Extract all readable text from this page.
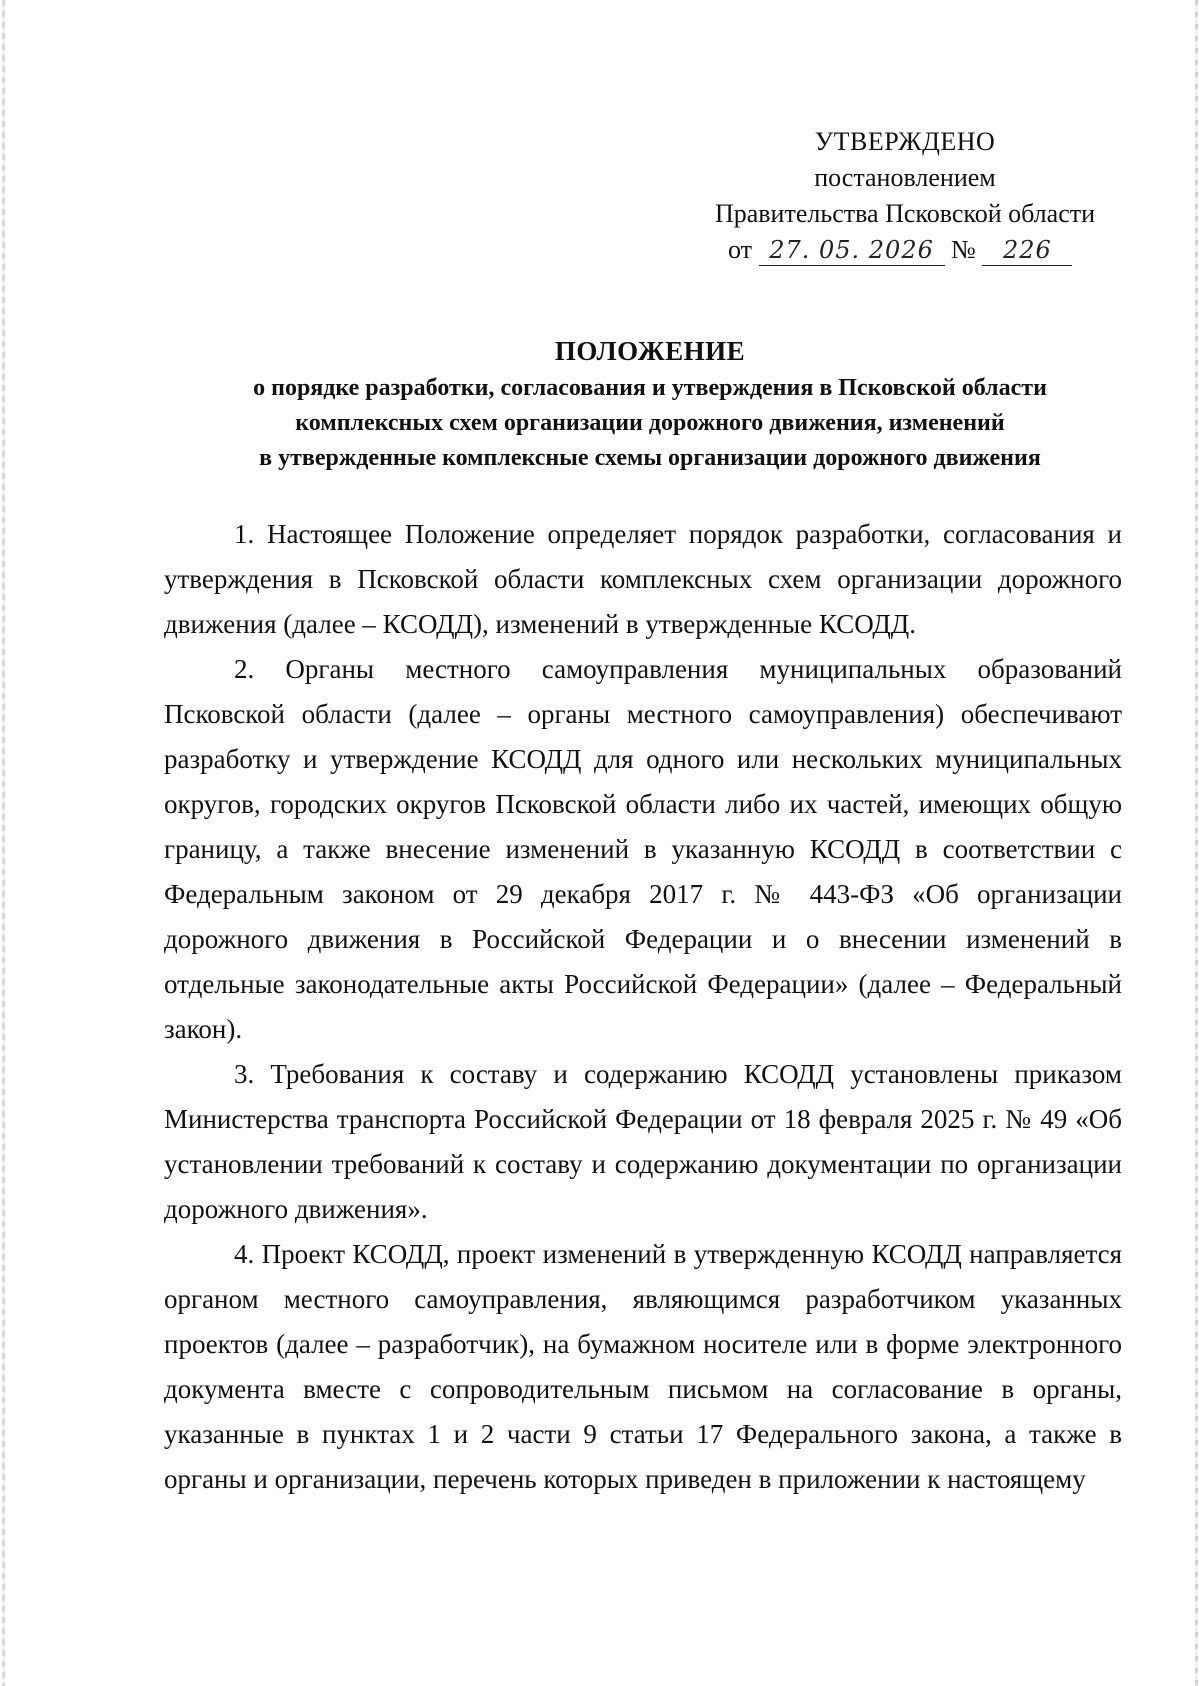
УТВЕРЖДЕНО
постановлением
Правительства Псковской области
от 27. 05. 2026 № 226
ПОЛОЖЕНИЕ
о порядке разработки, согласования и утверждения в Псковской области
комплексных схем организации дорожного движения, изменений
в утвержденные комплексные схемы организации дорожного движения

1. Настоящее Положение определяет порядок разработки, согласования и утверждения в Псковской области комплексных схем организации дорожного движения (далее – КСОДД), изменений в утвержденные КСОДД.

2. Органы местного самоуправления муниципальных образований Псковской области (далее – органы местного самоуправления) обеспечивают разработку и утверждение КСОДД для одного или нескольких муниципальных округов, городских округов Псковской области либо их частей, имеющих общую границу, а также внесение изменений в указанную КСОДД в соответствии с Федеральным законом от 29 декабря 2017 г. № 443-ФЗ «Об организации дорожного движения в Российской Федерации и о внесении изменений в отдельные законодательные акты Российской Федерации» (далее – Федеральный закон).

3. Требования к составу и содержанию КСОДД установлены приказом Министерства транспорта Российской Федерации от 18 февраля 2025 г. № 49 «Об установлении требований к составу и содержанию документации по организации дорожного движения».

4. Проект КСОДД, проект изменений в утвержденную КСОДД направляется органом местного самоуправления, являющимся разработчиком указанных проектов (далее – разработчик), на бумажном носителе или в форме электронного документа вместе с сопроводительным письмом на согласование в органы, указанные в пунктах 1 и 2 части 9 статьи 17 Федерального закона, а также в органы и организации, перечень которых приведен в приложении к настоящему
